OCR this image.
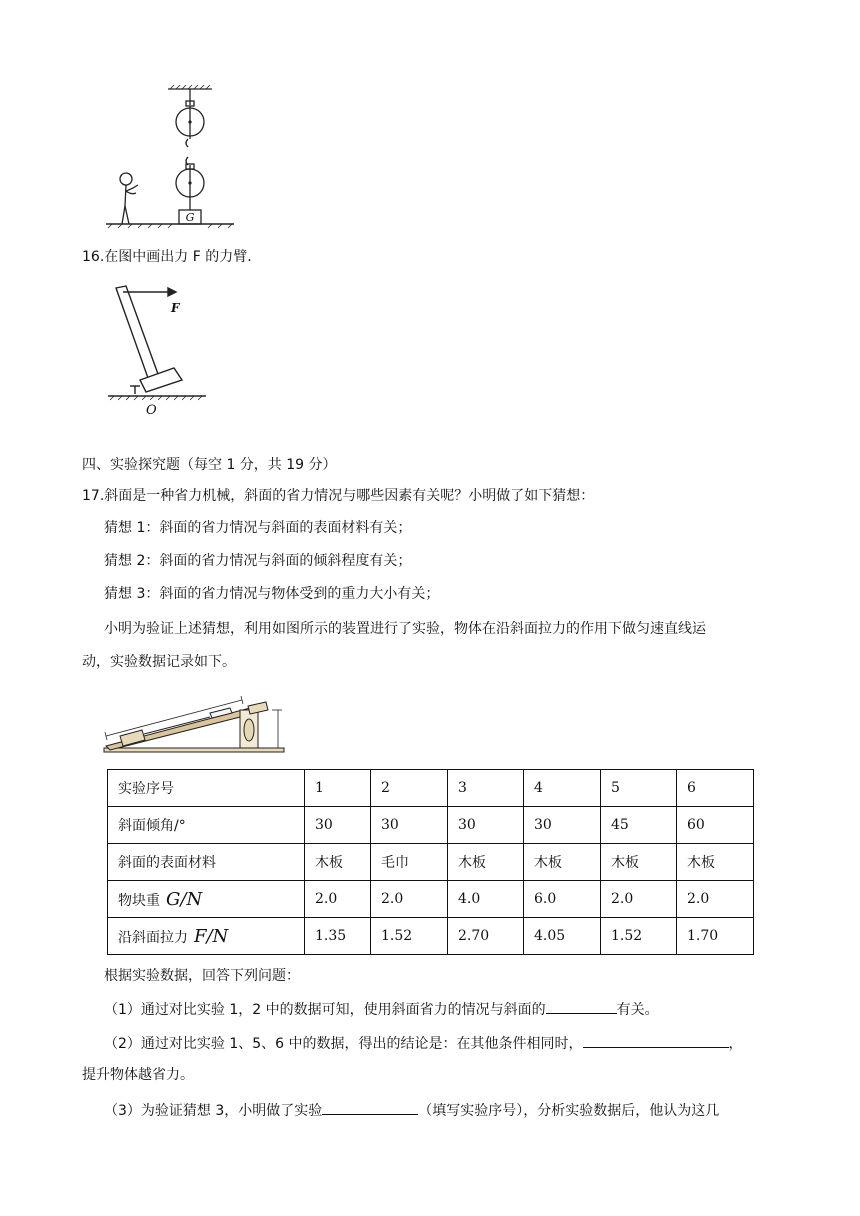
G
16.在图中画出力 F 的力臂.
F
O
四、实验探究题（每空 1 分，共 19 分）
17.斜面是一种省力机械，斜面的省力情况与哪些因素有关呢？小明做了如下猜想：
猜想 1：斜面的省力情况与斜面的表面材料有关；
猜想 2：斜面的省力情况与斜面的倾斜程度有关；
猜想 3：斜面的省力情况与物体受到的重力大小有关；
小明为验证上述猜想，利用如图所示的装置进行了实验，物体在沿斜面拉力的作用下做匀速直线运
动，实验数据记录如下。
实验序号	1	2	3	4	5	6
斜面倾角/°	30	30	30	30	45	60
斜面的表面材料	木板	毛巾	木板	木板	木板	木板
物块重 G/N	2.0	2.0	4.0	6.0	2.0	2.0
沿斜面拉力 F/N	1.35	1.52	2.70	4.05	1.52	1.70
根据实验数据，回答下列问题：
（1）通过对比实验 1，2 中的数据可知，使用斜面省力的情况与斜面的	有关。
（2）通过对比实验 1、5、6 中的数据，得出的结论是：在其他条件相同时，	，
提升物体越省力。
（3）为验证猜想 3，小明做了实验	（填写实验序号），分析实验数据后，他认为这几
